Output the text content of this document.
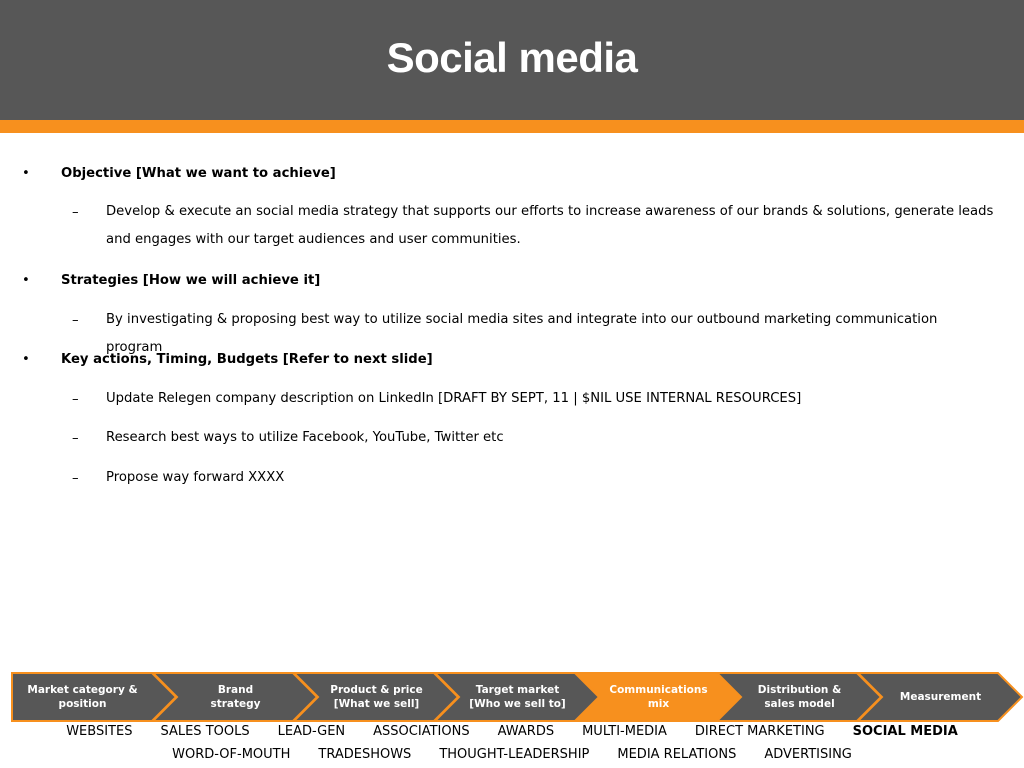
Social media
•	Objective [What we want to achieve]
– Develop & execute an social media strategy that supports our efforts to increase awareness of our brands & solutions, generate leads and engages with our target audiences and user communities.
•	Strategies [How we will achieve it]
– By investigating & proposing best way to utilize social media sites and integrate into our outbound marketing communication program
•	Key actions, Timing, Budgets [Refer to next slide]
– Update Relegen company description on LinkedIn [DRAFT BY SEPT, 11 | $NIL USE INTERNAL RESOURCES]
– Research best ways to utilize Facebook, YouTube, Twitter etc
– Propose way forward XXXX
Market category &
position
Brand
strategy
Product & price
[What we sell]
Target market
[Who we sell to]
Communications
mix
Distribution &
sales model
Measurement
WEBSITES SALES TOOLS LEAD-GEN ASSOCIATIONS AWARDS MULTI-MEDIA DIRECT MARKETING SOCIAL MEDIA
WORD-OF-MOUTH TRADESHOWS THOUGHT-LEADERSHIP MEDIA RELATIONS ADVERTISING
